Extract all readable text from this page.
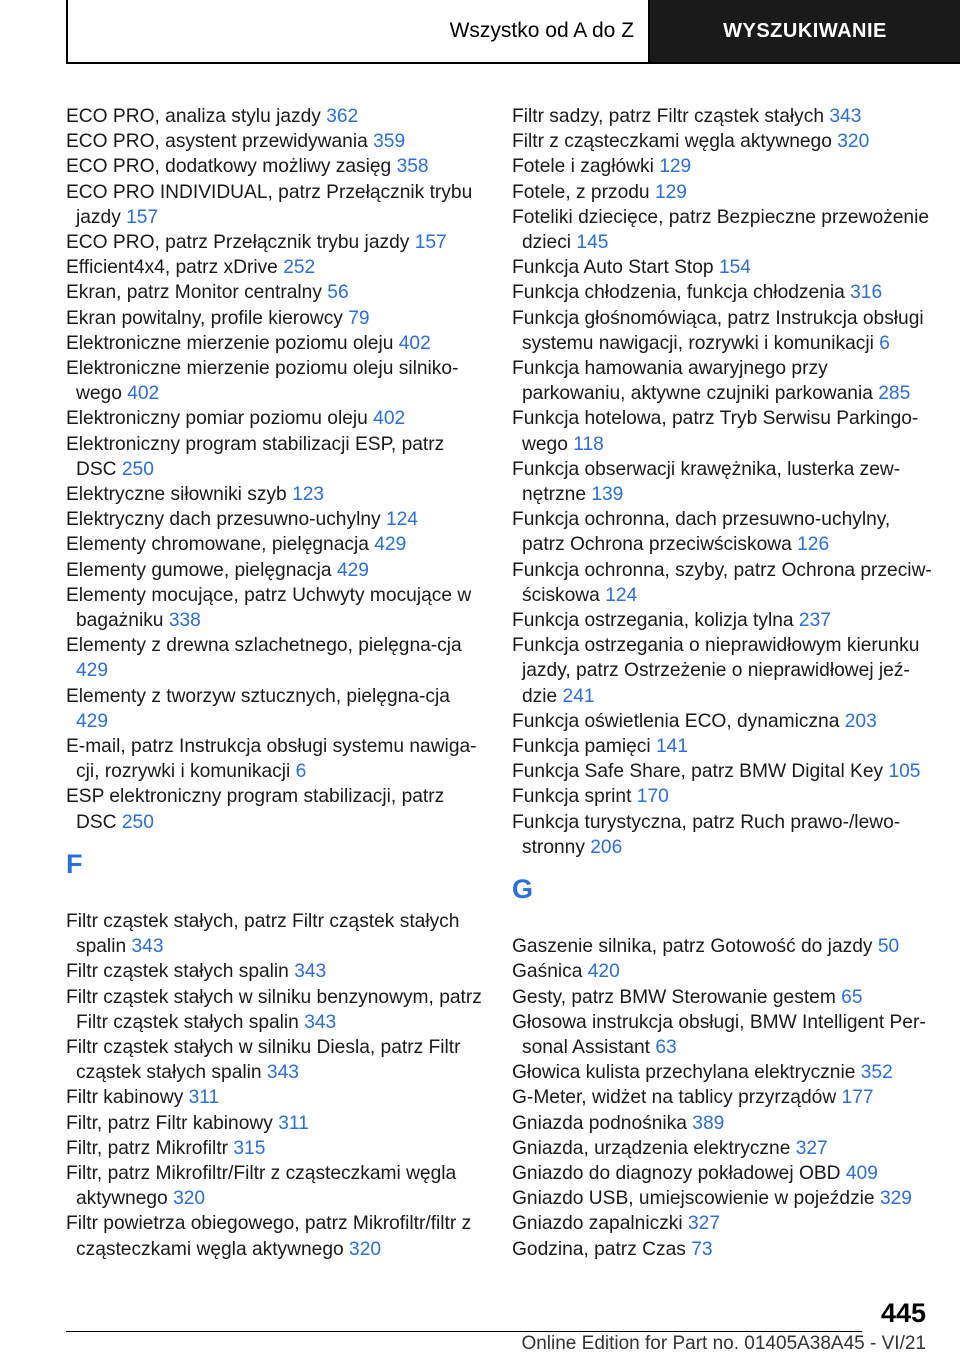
Wszystko od A do Z	WYSZUKIWANIE
ECO PRO, analiza stylu jazdy 362
ECO PRO, asystent przewidywania 359
ECO PRO, dodatkowy możliwy zasięg 358
ECO PRO INDIVIDUAL, patrz Przełącznik trybu jazdy 157
ECO PRO, patrz Przełącznik trybu jazdy 157
Efficient4x4, patrz xDrive 252
Ekran, patrz Monitor centralny 56
Ekran powitalny, profile kierowcy 79
Elektroniczne mierzenie poziomu oleju 402
Elektroniczne mierzenie poziomu oleju silniko-wego 402
Elektroniczny pomiar poziomu oleju 402
Elektroniczny program stabilizacji ESP, patrz DSC 250
Elektryczne siłowniki szyb 123
Elektryczny dach przesuwno-uchylny 124
Elementy chromowane, pielęgnacja 429
Elementy gumowe, pielęgnacja 429
Elementy mocujące, patrz Uchwyty mocujące w bagażniku 338
Elementy z drewna szlachetnego, pielęgna-cja 429
Elementy z tworzyw sztucznych, pielęgna-cja 429
E-mail, patrz Instrukcja obsługi systemu nawiga-cji, rozrywki i komunikacji 6
ESP elektroniczny program stabilizacji, patrz DSC 250
F
Filtr cząstek stałych, patrz Filtr cząstek stałych spalin 343
Filtr cząstek stałych spalin 343
Filtr cząstek stałych w silniku benzynowym, patrz Filtr cząstek stałych spalin 343
Filtr cząstek stałych w silniku Diesla, patrz Filtr cząstek stałych spalin 343
Filtr kabinowy 311
Filtr, patrz Filtr kabinowy 311
Filtr, patrz Mikrofiltr 315
Filtr, patrz Mikrofiltr/Filtr z cząsteczkami węgla aktywnego 320
Filtr powietrza obiegowego, patrz Mikrofiltr/filtr z cząsteczkami węgla aktywnego 320
Filtr sadzy, patrz Filtr cząstek stałych 343
Filtr z cząsteczkami węgla aktywnego 320
Fotele i zagłówki 129
Fotele, z przodu 129
Foteliki dziecięce, patrz Bezpieczne przewożenie dzieci 145
Funkcja Auto Start Stop 154
Funkcja chłodzenia, funkcja chłodzenia 316
Funkcja głośnomówiąca, patrz Instrukcja obsługi systemu nawigacji, rozrywki i komunikacji 6
Funkcja hamowania awaryjnego przy parkowaniu, aktywne czujniki parkowania 285
Funkcja hotelowa, patrz Tryb Serwisu Parkingo-wego 118
Funkcja obserwacji krawężnika, lusterka zew-nętrzne 139
Funkcja ochronna, dach przesuwno-uchylny, patrz Ochrona przeciwściskowa 126
Funkcja ochronna, szyby, patrz Ochrona przeciw-ściskowa 124
Funkcja ostrzegania, kolizja tylna 237
Funkcja ostrzegania o nieprawidłowym kierunku jazdy, patrz Ostrzeżenie o nieprawidłowej jeź-dzie 241
Funkcja oświetlenia ECO, dynamiczna 203
Funkcja pamięci 141
Funkcja Safe Share, patrz BMW Digital Key 105
Funkcja sprint 170
Funkcja turystyczna, patrz Ruch prawo-/lewo-stronny 206
G
Gaszenie silnika, patrz Gotowość do jazdy 50
Gaśnica 420
Gesty, patrz BMW Sterowanie gestem 65
Głosowa instrukcja obsługi, BMW Intelligent Per-sonal Assistant 63
Głowica kulista przechylana elektrycznie 352
G-Meter, widżet na tablicy przyrządów 177
Gniazda podnośnika 389
Gniazda, urządzenia elektryczne 327
Gniazdo do diagnozy pokładowej OBD 409
Gniazdo USB, umiejscowienie w pojeździe 329
Gniazdo zapalniczki 327
Godzina, patrz Czas 73
445
Online Edition for Part no. 01405A38A45 - VI/21
